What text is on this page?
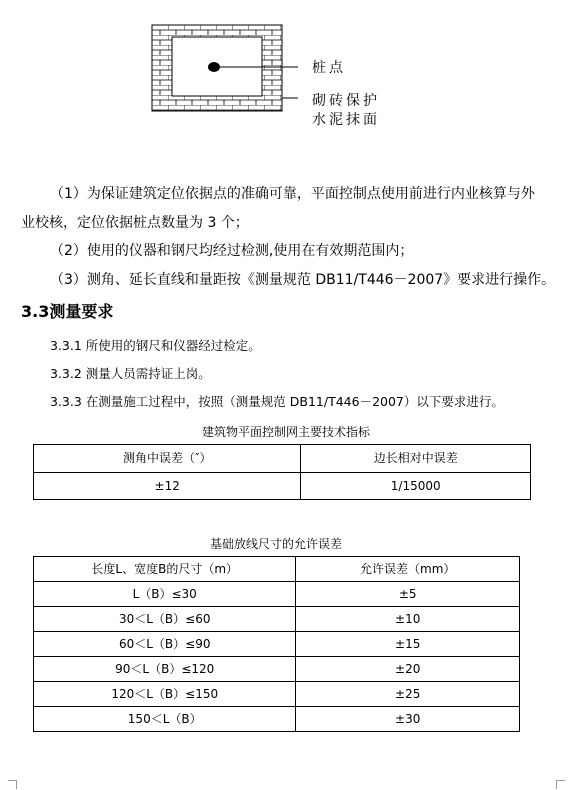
桩点
砌砖保护
水泥抹面
（1）为保证建筑定位依据点的准确可靠，平面控制点使用前进行内业核算与外
业校核，定位依据桩点数量为 3 个；
（2）使用的仪器和钢尺均经过检测,使用在有效期范围内；
（3）测角、延长直线和量距按《测量规范 DB11/T446－2007》要求进行操作。
3.3测量要求
3.3.1 所使用的钢尺和仪器经过检定。
3.3.2 测量人员需持证上岗。
3.3.3 在测量施工过程中，按照（测量规范 DB11/T446－2007）以下要求进行。
建筑物平面控制网主要技术指标
测角中误差（″）	边长相对中误差
±12	1/15000
基础放线尺寸的允许误差
长度L、宽度B的尺寸（m）	允许误差（mm）
L（B）≤30	±5
30＜L（B）≤60	±10
60＜L（B）≤90	±15
90＜L（B）≤120	±20
120＜L（B）≤150	±25
150＜L（B）	±30
